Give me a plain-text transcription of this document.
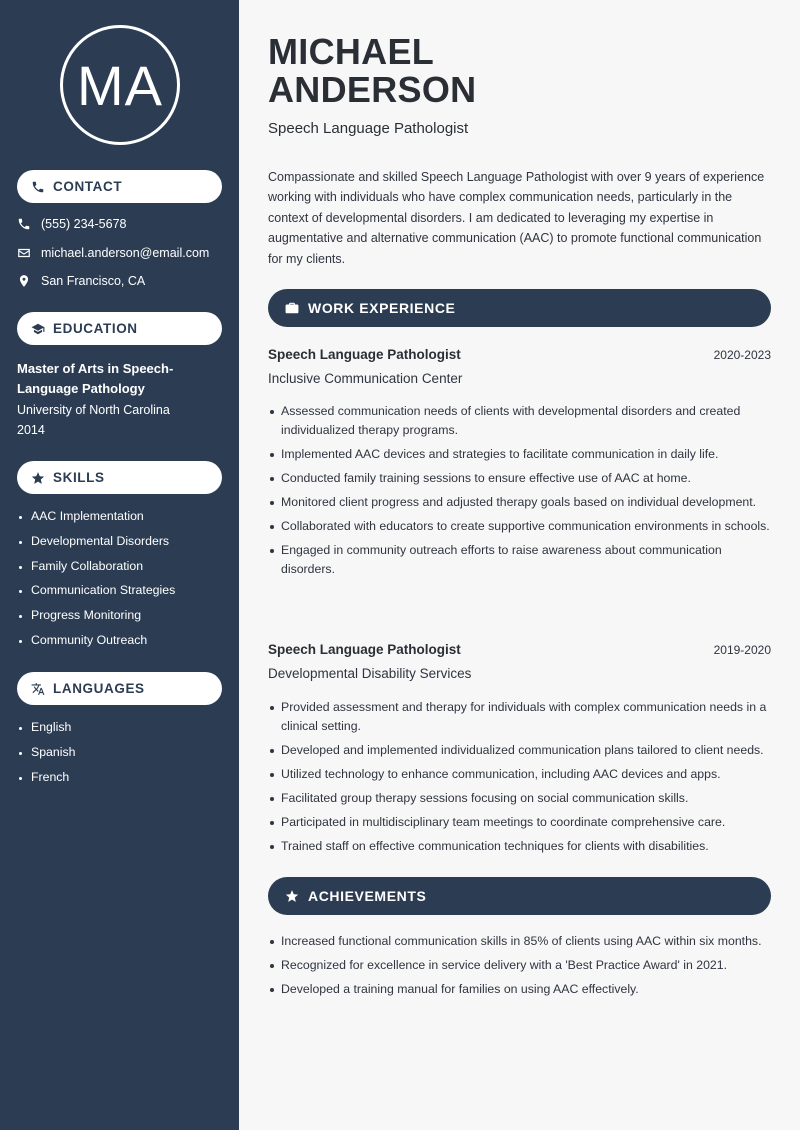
MA
CONTACT
(555) 234-5678
michael.anderson@email.com
San Francisco, CA
EDUCATION
Master of Arts in Speech-Language Pathology
University of North Carolina
2014
SKILLS
AAC Implementation
Developmental Disorders
Family Collaboration
Communication Strategies
Progress Monitoring
Community Outreach
LANGUAGES
English
Spanish
French
MICHAEL
ANDERSON
Speech Language Pathologist

Compassionate and skilled Speech Language Pathologist with over 9 years of experience working with individuals who have complex communication needs, particularly in the context of developmental disorders. I am dedicated to leveraging my expertise in augmentative and alternative communication (AAC) to promote functional communication for my clients.

WORK EXPERIENCE
Speech Language Pathologist	2020-2023
Inclusive Communication Center
Assessed communication needs of clients with developmental disorders and created individualized therapy programs.
Implemented AAC devices and strategies to facilitate communication in daily life.
Conducted family training sessions to ensure effective use of AAC at home.
Monitored client progress and adjusted therapy goals based on individual development.
Collaborated with educators to create supportive communication environments in schools.
Engaged in community outreach efforts to raise awareness about communication disorders.
Speech Language Pathologist	2019-2020
Developmental Disability Services
Provided assessment and therapy for individuals with complex communication needs in a clinical setting.
Developed and implemented individualized communication plans tailored to client needs.
Utilized technology to enhance communication, including AAC devices and apps.
Facilitated group therapy sessions focusing on social communication skills.
Participated in multidisciplinary team meetings to coordinate comprehensive care.
Trained staff on effective communication techniques for clients with disabilities.
ACHIEVEMENTS
Increased functional communication skills in 85% of clients using AAC within six months.
Recognized for excellence in service delivery with a 'Best Practice Award' in 2021.
Developed a training manual for families on using AAC effectively.
